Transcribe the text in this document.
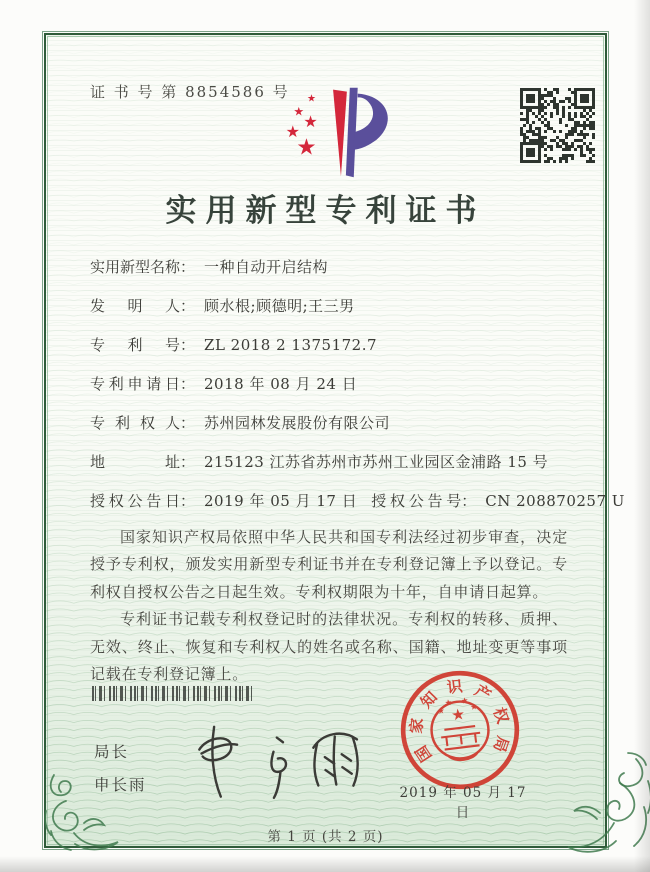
证 书 号 第 8854586 号 ★
★
★
★
★
实用新型专利证书
实用新型名称 ： 一种自动开启结构
发明人 ： 顾水根;顾德明;王三男
专利号 ： ZL 2018 2 1375172.7
专利申请日 ： 2018 年 08 月 24 日
专利权人 ： 苏州园林发展股份有限公司
地址 ： 215123 江苏省苏州市苏州工业园区金浦路 15 号
授权公告日 ： 2019 年 05 月 17 日 授权公告号 ： CN 208870257 U

国家知识产权局依照中华人民共和国专利法经过初步审查，决定授予专利权，颁发实用新型专利证书并在专利登记簿上予以登记。专利权自授权公告之日起生效。专利权期限为十年，自申请日起算。

专利证书记载专利权登记时的法律状况。专利权的转移、质押、无效、终止、恢复和专利权人的姓名或名称、国籍、地址变更等事项记载在专利登记簿上。

局长
申长雨
国
家
知
识 产
权
局
★
★
★ ★
★
2019 年 05 月 17 日
第 1 页 (共 2 页)
